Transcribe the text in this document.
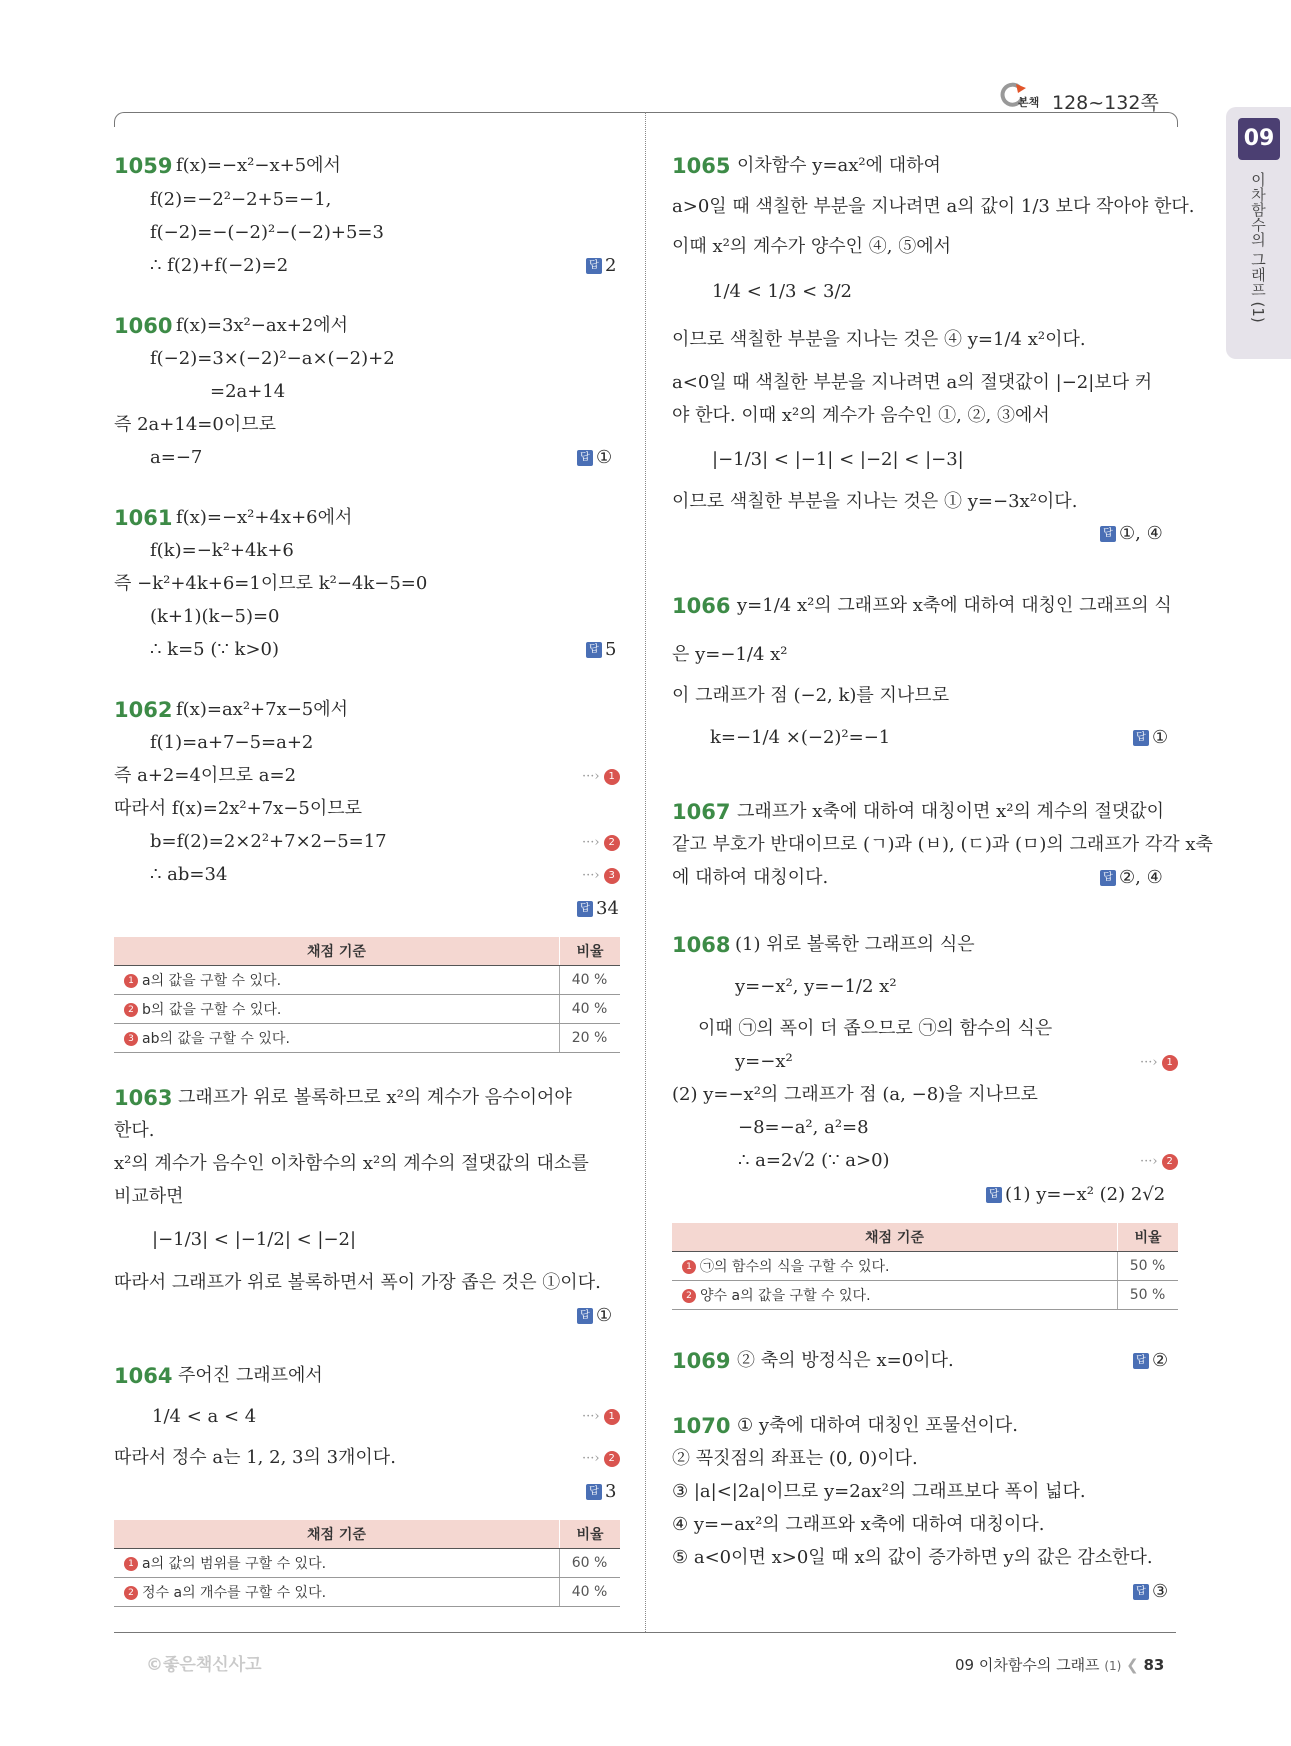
본책 128~132쪽
09
이차함수의 그래프 (1)
1059 f(x)=−x²−x+5에서
f(2)=−2²−2+5=−1,
f(−2)=−(−2)²−(−2)+5=3
∴ f(2)+f(−2)=2	답 2
1060 f(x)=3x²−ax+2에서
f(−2)=3×(−2)²−a×(−2)+2
=2a+14
즉 2a+14=0이므로
a=−7	답 ①
1061 f(x)=−x²+4x+6에서
f(k)=−k²+4k+6
즉 −k²+4k+6=1이므로 k²−4k−5=0
(k+1)(k−5)=0
∴ k=5 (∵ k>0)	답 5
1062 f(x)=ax²+7x−5에서
f(1)=a+7−5=a+2
즉 a+2=4이므로 a=2	···› 1
따라서 f(x)=2x²+7x−5이므로
b=f(2)=2×2²+7×2−5=17	···› 2
∴ ab=34	···› 3
답 34
채점 기준	비율
1 a의 값을 구할 수 있다.	40 %
2 b의 값을 구할 수 있다.	40 %
3 ab의 값을 구할 수 있다.	20 %
1063 그래프가 위로 볼록하므로 x²의 계수가 음수이어야
한다.
x²의 계수가 음수인 이차함수의 x²의 계수의 절댓값의 대소를
비교하면
|−1/3| < |−1/2| < |−2|
따라서 그래프가 위로 볼록하면서 폭이 가장 좁은 것은 ①이다.
답 ①
1064 주어진 그래프에서
1/4 < a < 4	···› 1
따라서 정수 a는 1, 2, 3의 3개이다.	···› 2
답 3
채점 기준	비율
1 a의 값의 범위를 구할 수 있다.	60 %
2 정수 a의 개수를 구할 수 있다.	40 %
1065 이차함수 y=ax²에 대하여
a>0일 때 색칠한 부분을 지나려면 a의 값이 1/3 보다 작아야 한다.
이때 x²의 계수가 양수인 ④, ⑤에서
1/4 < 1/3 < 3/2
이므로 색칠한 부분을 지나는 것은 ④ y=1/4 x²이다.
a<0일 때 색칠한 부분을 지나려면 a의 절댓값이 |−2|보다 커
야 한다. 이때 x²의 계수가 음수인 ①, ②, ③에서
|−1/3| < |−1| < |−2| < |−3|
이므로 색칠한 부분을 지나는 것은 ① y=−3x²이다.
답 ①, ④
1066 y=1/4 x²의 그래프와 x축에 대하여 대칭인 그래프의 식
은 y=−1/4 x²
이 그래프가 점 (−2, k)를 지나므로
k=−1/4 ×(−2)²=−1	답 ①
1067 그래프가 x축에 대하여 대칭이면 x²의 계수의 절댓값이
같고 부호가 반대이므로 (ㄱ)과 (ㅂ), (ㄷ)과 (ㅁ)의 그래프가 각각 x축
에 대하여 대칭이다.	답 ②, ④
1068 (1) 위로 볼록한 그래프의 식은
y=−x², y=−1/2 x²
이때 ㉠의 폭이 더 좁으므로 ㉠의 함수의 식은
y=−x²	···› 1
(2) y=−x²의 그래프가 점 (a, −8)을 지나므로
−8=−a², a²=8
∴ a=2√2 (∵ a>0)	···› 2
답 (1) y=−x² (2) 2√2
채점 기준	비율
1 ㉠의 함수의 식을 구할 수 있다.	50 %
2 양수 a의 값을 구할 수 있다.	50 %
1069 ② 축의 방정식은 x=0이다.	답 ②
1070 ① y축에 대하여 대칭인 포물선이다.
② 꼭짓점의 좌표는 (0, 0)이다.
③ |a|<|2a|이므로 y=2ax²의 그래프보다 폭이 넓다.
④ y=−ax²의 그래프와 x축에 대하여 대칭이다.
⑤ a<0이면 x>0일 때 x의 값이 증가하면 y의 값은 감소한다.
답 ③
©좋은책신사고	09 이차함수의 그래프 (1) ❮ 83
